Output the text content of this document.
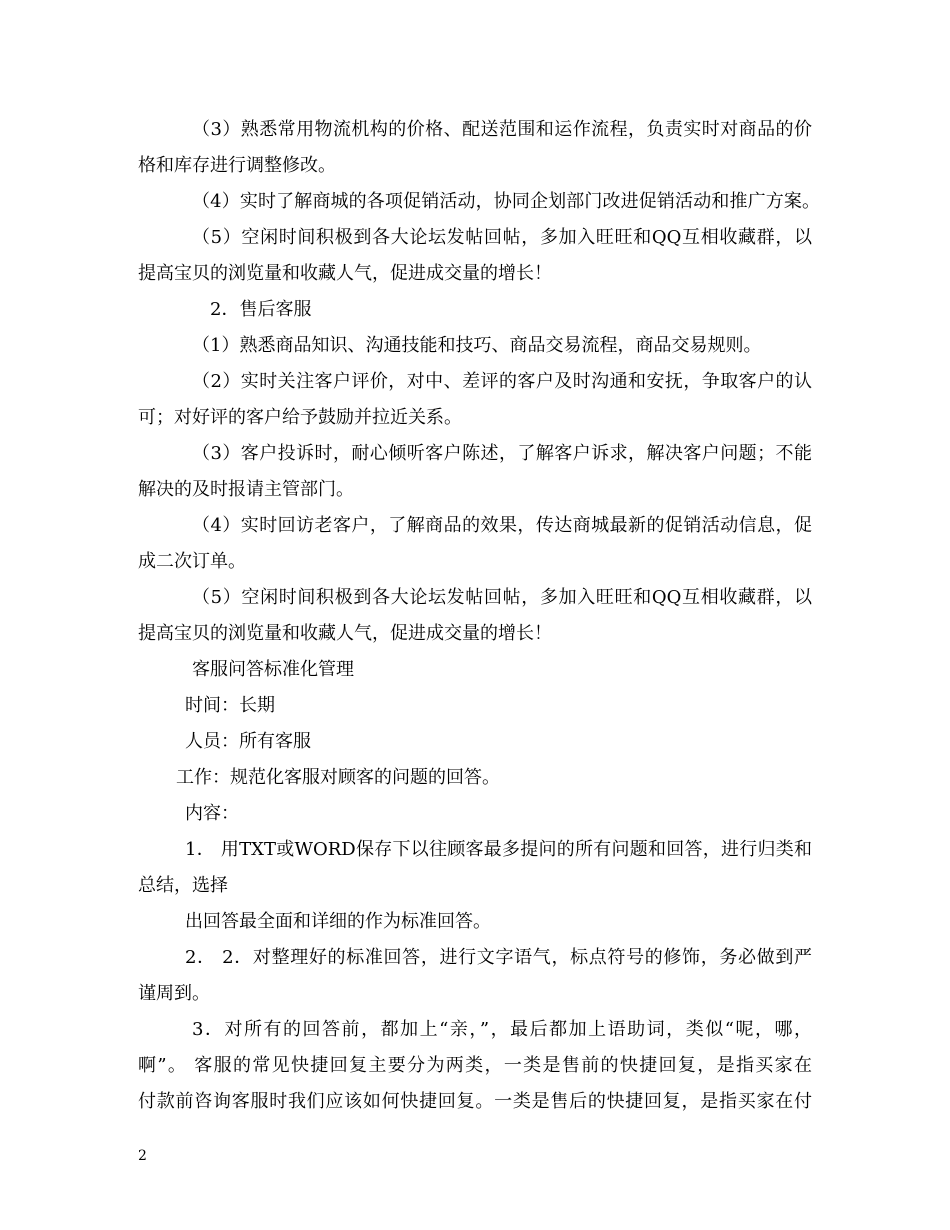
（3）熟悉常用物流机构的价格、配送范围和运作流程，负责实时对商品的价
格和库存进行调整修改。
（4）实时了解商城的各项促销活动，协同企划部门改进促销活动和推广方案。
（5）空闲时间积极到各大论坛发帖回帖，多加入旺旺和QQ互相收藏群，以
提高宝贝的浏览量和收藏人气，促进成交量的增长！
2．售后客服
（1）熟悉商品知识、沟通技能和技巧、商品交易流程，商品交易规则。
（2）实时关注客户评价，对中、差评的客户及时沟通和安抚，争取客户的认
可；对好评的客户给予鼓励并拉近关系。
（3）客户投诉时，耐心倾听客户陈述，了解客户诉求，解决客户问题；不能
解决的及时报请主管部门。
（4）实时回访老客户，了解商品的效果，传达商城最新的促销活动信息，促
成二次订单。
（5）空闲时间积极到各大论坛发帖回帖，多加入旺旺和QQ互相收藏群，以
提高宝贝的浏览量和收藏人气，促进成交量的增长！
客服问答标准化管理
时间：长期
人员：所有客服
工作：规范化客服对顾客的问题的回答。
内容：
1． 用TXT或WORD保存下以往顾客最多提问的所有问题和回答，进行归类和
总结，选择
出回答最全面和详细的作为标准回答。
2． 2．对整理好的标准回答，进行文字语气，标点符号的修饰，务必做到严
谨周到。
3．对所有的回答前，都加上“亲，”，最后都加上语助词，类似“呢，哪，
啊”。 客服的常见快捷回复主要分为两类，一类是售前的快捷回复，是指买家在
付款前咨询客服时我们应该如何快捷回复。一类是售后的快捷回复，是指买家在付
2
